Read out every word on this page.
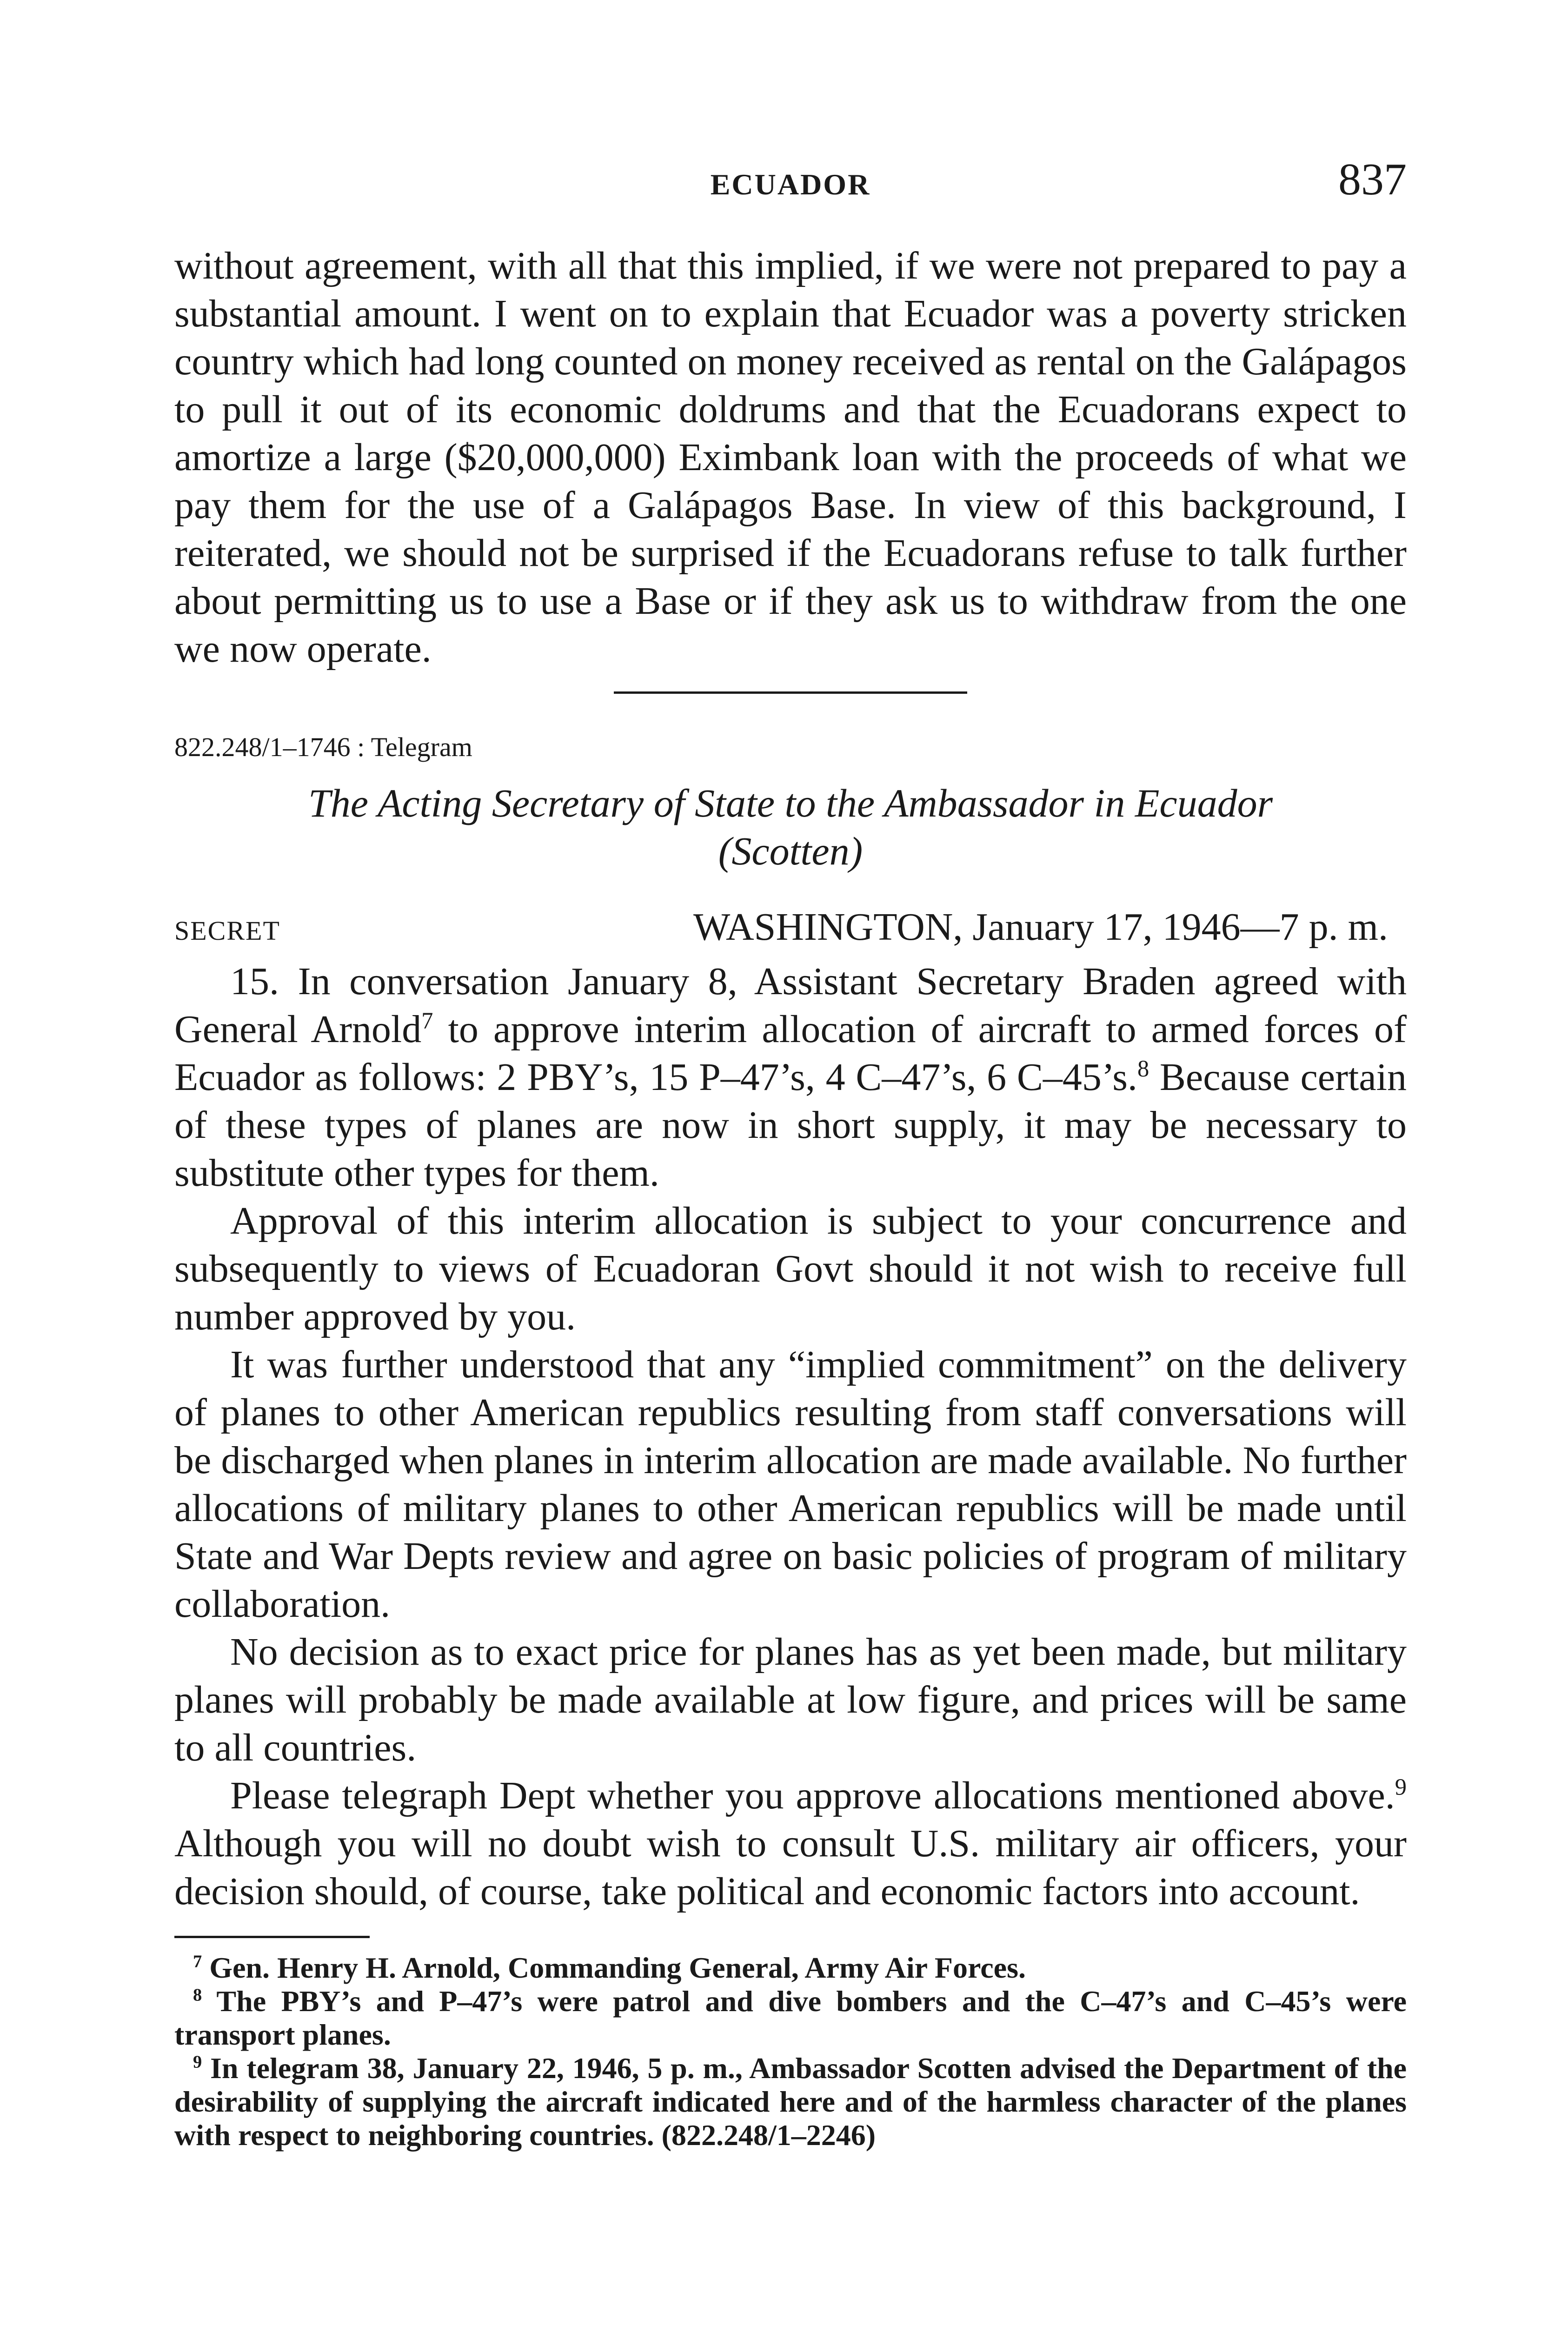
ECUADOR	837

without agreement, with all that this implied, if we were not prepared to pay a substantial amount. I went on to explain that Ecuador was a poverty stricken country which had long counted on money received as rental on the Galápagos to pull it out of its economic doldrums and that the Ecuadorans expect to amortize a large ($20,000,000) Eximbank loan with the proceeds of what we pay them for the use of a Galápagos Base. In view of this background, I reiterated, we should not be surprised if the Ecuadorans refuse to talk further about permitting us to use a Base or if they ask us to withdraw from the one we now operate.

822.248/1–1746 : Telegram
The Acting Secretary of State to the Ambassador in Ecuador
(Scotten)
SECRET	WASHINGTON, January 17, 1946—7 p. m.

15. In conversation January 8, Assistant Secretary Braden agreed with General Arnold$^7$ to approve interim allocation of aircraft to armed forces of Ecuador as follows: 2 PBY’s, 15 P–47’s, 4 C–47’s, 6 C–45’s.$^8$ Because certain of these types of planes are now in short supply, it may be necessary to substitute other types for them.

Approval of this interim allocation is subject to your concurrence and subsequently to views of Ecuadoran Govt should it not wish to receive full number approved by you.

It was further understood that any “implied commitment” on the delivery of planes to other American republics resulting from staff conversations will be discharged when planes in interim allocation are made available. No further allocations of military planes to other American republics will be made until State and War Depts review and agree on basic policies of program of military collaboration.

No decision as to exact price for planes has as yet been made, but military planes will probably be made available at low figure, and prices will be same to all countries.

Please telegraph Dept whether you approve allocations mentioned above.$^9$ Although you will no doubt wish to consult U.S. military air officers, your decision should, of course, take political and economic factors into account.

$^7$ Gen. Henry H. Arnold, Commanding General, Army Air Forces.

$^8$ The PBY’s and P–47’s were patrol and dive bombers and the C–47’s and C–45’s were transport planes.

$^9$ In telegram 38, January 22, 1946, 5 p. m., Ambassador Scotten advised the Department of the desirability of supplying the aircraft indicated here and of the harmless character of the planes with respect to neighboring countries. (822.248/1–2246)
